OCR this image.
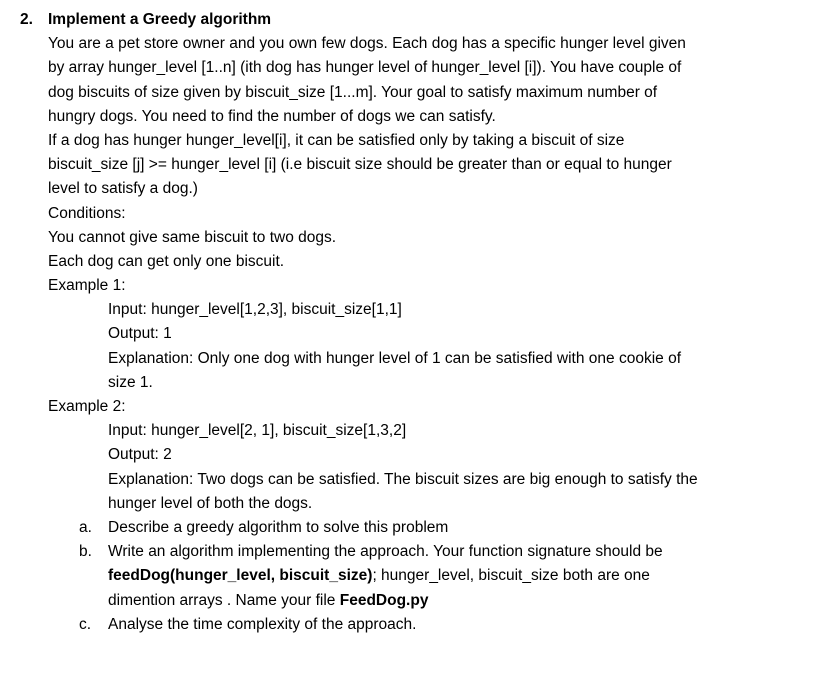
2. Implement a Greedy algorithm
You are a pet store owner and you own few dogs. Each dog has a specific hunger level given
by array hunger_level [1..n] (ith dog has hunger level of hunger_level [i]). You have couple of
dog biscuits of size given by biscuit_size [1...m]. Your goal to satisfy maximum number of
hungry dogs. You need to find the number of dogs we can satisfy.
If a dog has hunger hunger_level[i], it can be satisfied only by taking a biscuit of size
biscuit_size [j] >= hunger_level [i] (i.e biscuit size should be greater than or equal to hunger
level to satisfy a dog.)
Conditions:
You cannot give same biscuit to two dogs.
Each dog can get only one biscuit.
Example 1:
Input: hunger_level[1,2,3], biscuit_size[1,1]
Output: 1
Explanation: Only one dog with hunger level of 1 can be satisfied with one cookie of
size 1.
Example 2:
Input: hunger_level[2, 1], biscuit_size[1,3,2]
Output: 2
Explanation: Two dogs can be satisfied. The biscuit sizes are big enough to satisfy the
hunger level of both the dogs.
a. Describe a greedy algorithm to solve this problem
b. Write an algorithm implementing the approach. Your function signature should be
feedDog(hunger_level, biscuit_size); hunger_level, biscuit_size both are one
dimention arrays . Name your file FeedDog.py
c. Analyse the time complexity of the approach.
